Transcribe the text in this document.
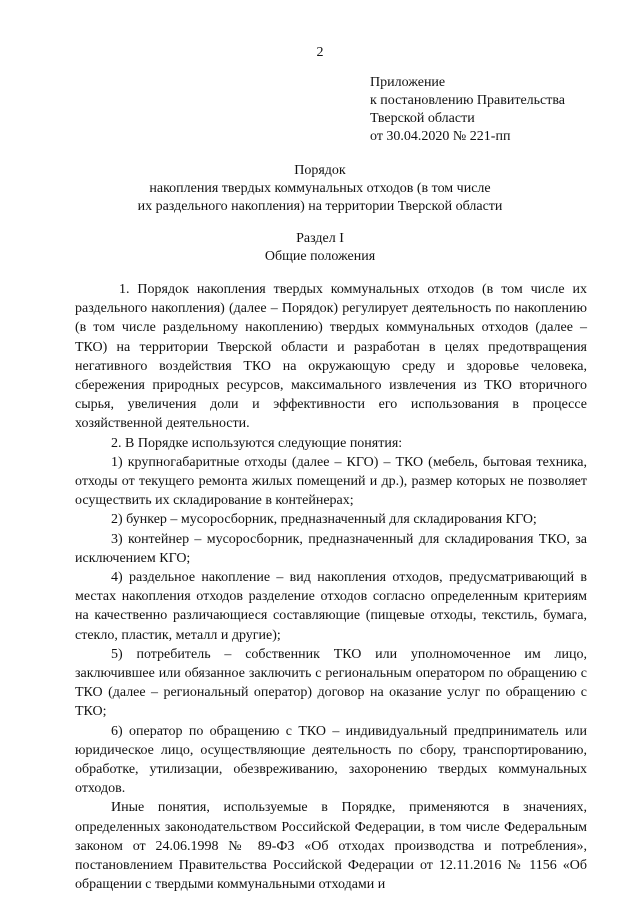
2
Приложение
к постановлению Правительства
Тверской области
от 30.04.2020 № 221-пп
Порядок
накопления твердых коммунальных отходов (в том числе
их раздельного накопления) на территории Тверской области
Раздел I
Общие положения

1. Порядок накопления твердых коммунальных отходов (в том числе их раздельного накопления) (далее – Порядок) регулирует деятельность по накоплению (в том числе раздельному накоплению) твердых коммунальных отходов (далее – ТКО) на территории Тверской области и разработан в целях предотвращения негативного воздействия ТКО на окружающую среду и здоровье человека, сбережения природных ресурсов, максимального извлечения из ТКО вторичного сырья, увеличения доли и эффективности его использования в процессе хозяйственной деятельности.

2. В Порядке используются следующие понятия:

1) крупногабаритные отходы (далее – КГО) – ТКО (мебель, бытовая техника, отходы от текущего ремонта жилых помещений и др.), размер которых не позволяет осуществить их складирование в контейнерах;

2) бункер – мусоросборник, предназначенный для складирования КГО;

3) контейнер – мусоросборник, предназначенный для складирования ТКО, за исключением КГО;

4) раздельное накопление – вид накопления отходов, предусматривающий в местах накопления отходов разделение отходов согласно определенным критериям на качественно различающиеся составляющие (пищевые отходы, текстиль, бумага, стекло, пластик, металл и другие);

5) потребитель – собственник ТКО или уполномоченное им лицо, заключившее или обязанное заключить с региональным оператором по обращению с ТКО (далее – региональный оператор) договор на оказание услуг по обращению с ТКО;

6) оператор по обращению с ТКО – индивидуальный предприниматель или юридическое лицо, осуществляющие деятельность по сбору, транспортированию, обработке, утилизации, обезвреживанию, захоронению твердых коммунальных отходов.

Иные понятия, используемые в Порядке, применяются в значениях, определенных законодательством Российской Федерации, в том числе Федеральным законом от 24.06.1998 № 89-ФЗ «Об отходах производства и потребления», постановлением Правительства Российской Федерации от 12.11.2016 № 1156 «Об обращении с твердыми коммунальными отходами и
